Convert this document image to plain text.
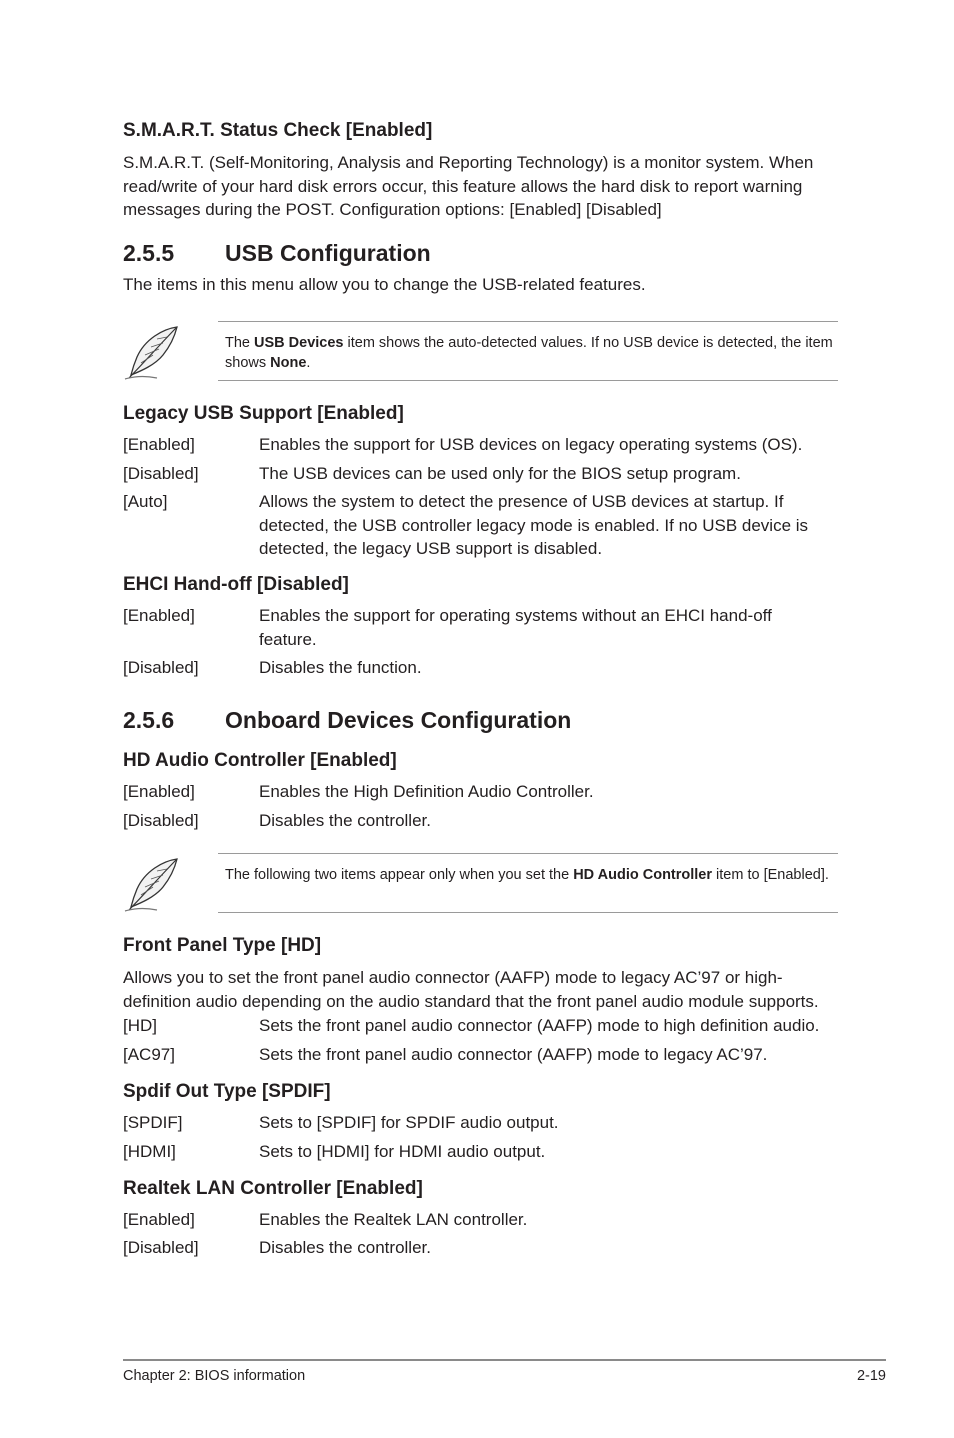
S.M.A.R.T. Status Check [Enabled]
S.M.A.R.T. (Self-Monitoring, Analysis and Reporting Technology) is a monitor system. When
read/write of your hard disk errors occur, this feature allows the hard disk to report warning
messages during the POST. Configuration options: [Enabled] [Disabled]
2.5.5 USB Configuration
The items in this menu allow you to change the USB-related features.
The USB Devices item shows the auto-detected values. If no USB device is detected, the item shows None.
Legacy USB Support [Enabled]
[Enabled]	Enables the support for USB devices on legacy operating systems (OS).
[Disabled]	The USB devices can be used only for the BIOS setup program.
[Auto]	Allows the system to detect the presence of USB devices at startup. If
detected, the USB controller legacy mode is enabled. If no USB device is
detected, the legacy USB support is disabled.
EHCI Hand-off [Disabled]
[Enabled]	Enables the support for operating systems without an EHCI hand-off
feature.
[Disabled]	Disables the function.
2.5.6 Onboard Devices Configuration
HD Audio Controller [Enabled]
[Enabled]	Enables the High Definition Audio Controller.
[Disabled]	Disables the controller.
The following two items appear only when you set the HD Audio Controller item to [Enabled].
Front Panel Type [HD]
Allows you to set the front panel audio connector (AAFP) mode to legacy AC’97 or high-
definition audio depending on the audio standard that the front panel audio module supports.
[HD]	Sets the front panel audio connector (AAFP) mode to high definition audio.
[AC97]	Sets the front panel audio connector (AAFP) mode to legacy AC’97.
Spdif Out Type [SPDIF]
[SPDIF]	Sets to [SPDIF] for SPDIF audio output.
[HDMI]	Sets to [HDMI] for HDMI audio output.
Realtek LAN Controller [Enabled]
[Enabled]	Enables the Realtek LAN controller.
[Disabled]	Disables the controller.
Chapter 2: BIOS information	2-19
